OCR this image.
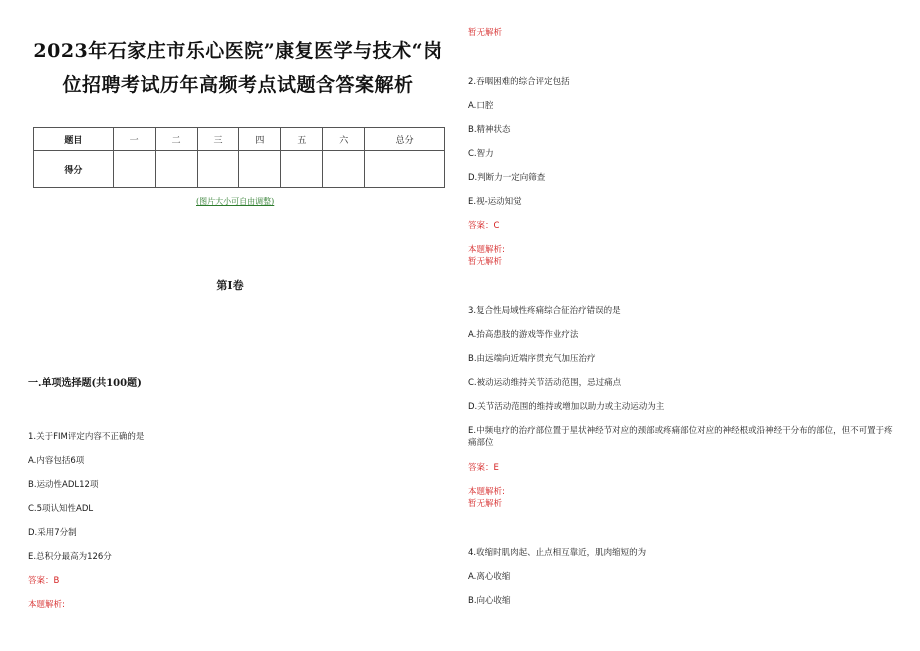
2023年石家庄市乐心医院”康复医学与技术“岗
位招聘考试历年高频考点试题含答案解析
题目	一	二	三	四	五	六	总分
得分							
(图片大小可自由调整)
第Ⅰ卷
一.单项选择题(共100题)
1.关于FIM评定内容不正确的是
A.内容包括6项
B.运动性ADL12项
C.5项认知性ADL
D.采用7分制
E.总积分最高为126分
答案：B
本题解析:
暂无解析
2.吞咽困难的综合评定包括
A.口腔
B.精神状态
C.智力
D.判断力一定向筛查
E.视-运动知觉
答案：C
本题解析:
暂无解析
3.复合性局域性疼痛综合征治疗错误的是
A.抬高患肢的游戏等作业疗法
B.由远端向近端序贯充气加压治疗
C.被动运动维持关节活动范围，忌过痛点
D.关节活动范围的维持或增加以助力或主动运动为主
E.中频电疗的治疗部位置于星状神经节对应的颈部或疼痛部位对应的神经根或沿神经干分布的部位，但不可置于疼痛部位
答案：E
本题解析:
暂无解析
4.收缩时肌肉起、止点相互靠近，肌肉缩短的为
A.离心收缩
B.向心收缩
